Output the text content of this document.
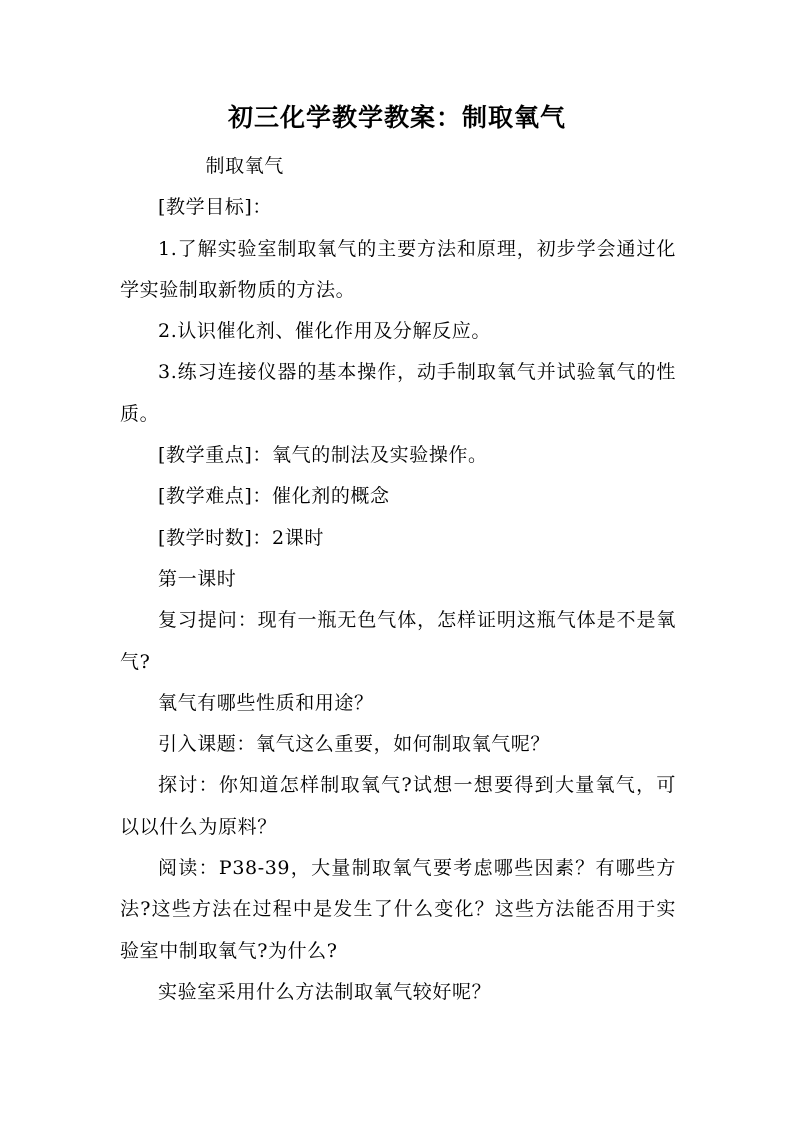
初三化学教学教案：制取氧气

制取氧气

[教学目标]：

1.了解实验室制取氧气的主要方法和原理，初步学会通过化学实验制取新物质的方法。

2.认识催化剂、催化作用及分解反应。

3.练习连接仪器的基本操作，动手制取氧气并试验氧气的性质。

[教学重点]：氧气的制法及实验操作。

[教学难点]：催化剂的概念

[教学时数]：2课时

第一课时

复习提问：现有一瓶无色气体，怎样证明这瓶气体是不是氧气?

氧气有哪些性质和用途？

引入课题：氧气这么重要，如何制取氧气呢？

探讨：你知道怎样制取氧气?试想一想要得到大量氧气，可以以什么为原料？

阅读：P38-39，大量制取氧气要考虑哪些因素？有哪些方法?这些方法在过程中是发生了什么变化？这些方法能否用于实验室中制取氧气?为什么?

实验室采用什么方法制取氧气较好呢？
